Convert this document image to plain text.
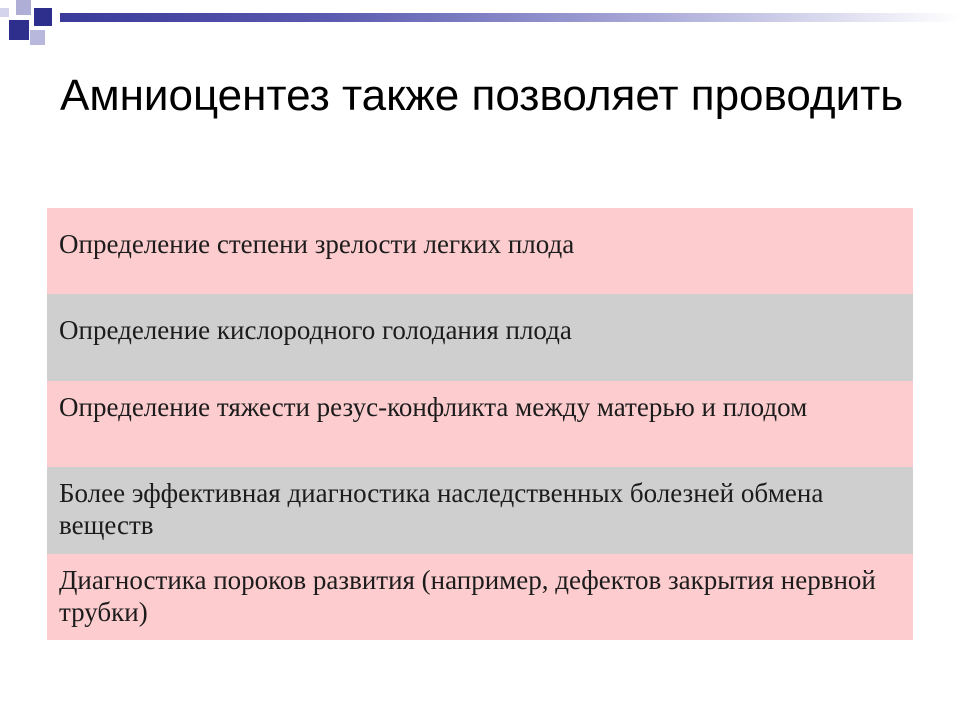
Амниоцентез также позволяет проводить
Определение степени зрелости легких плода
Определение кислородного голодания плода
Определение тяжести резус-конфликта между матерью и плодом
Более эффективная диагностика наследственных болезней обмена веществ
Диагностика пороков развития (например, дефектов закрытия нервной трубки)
